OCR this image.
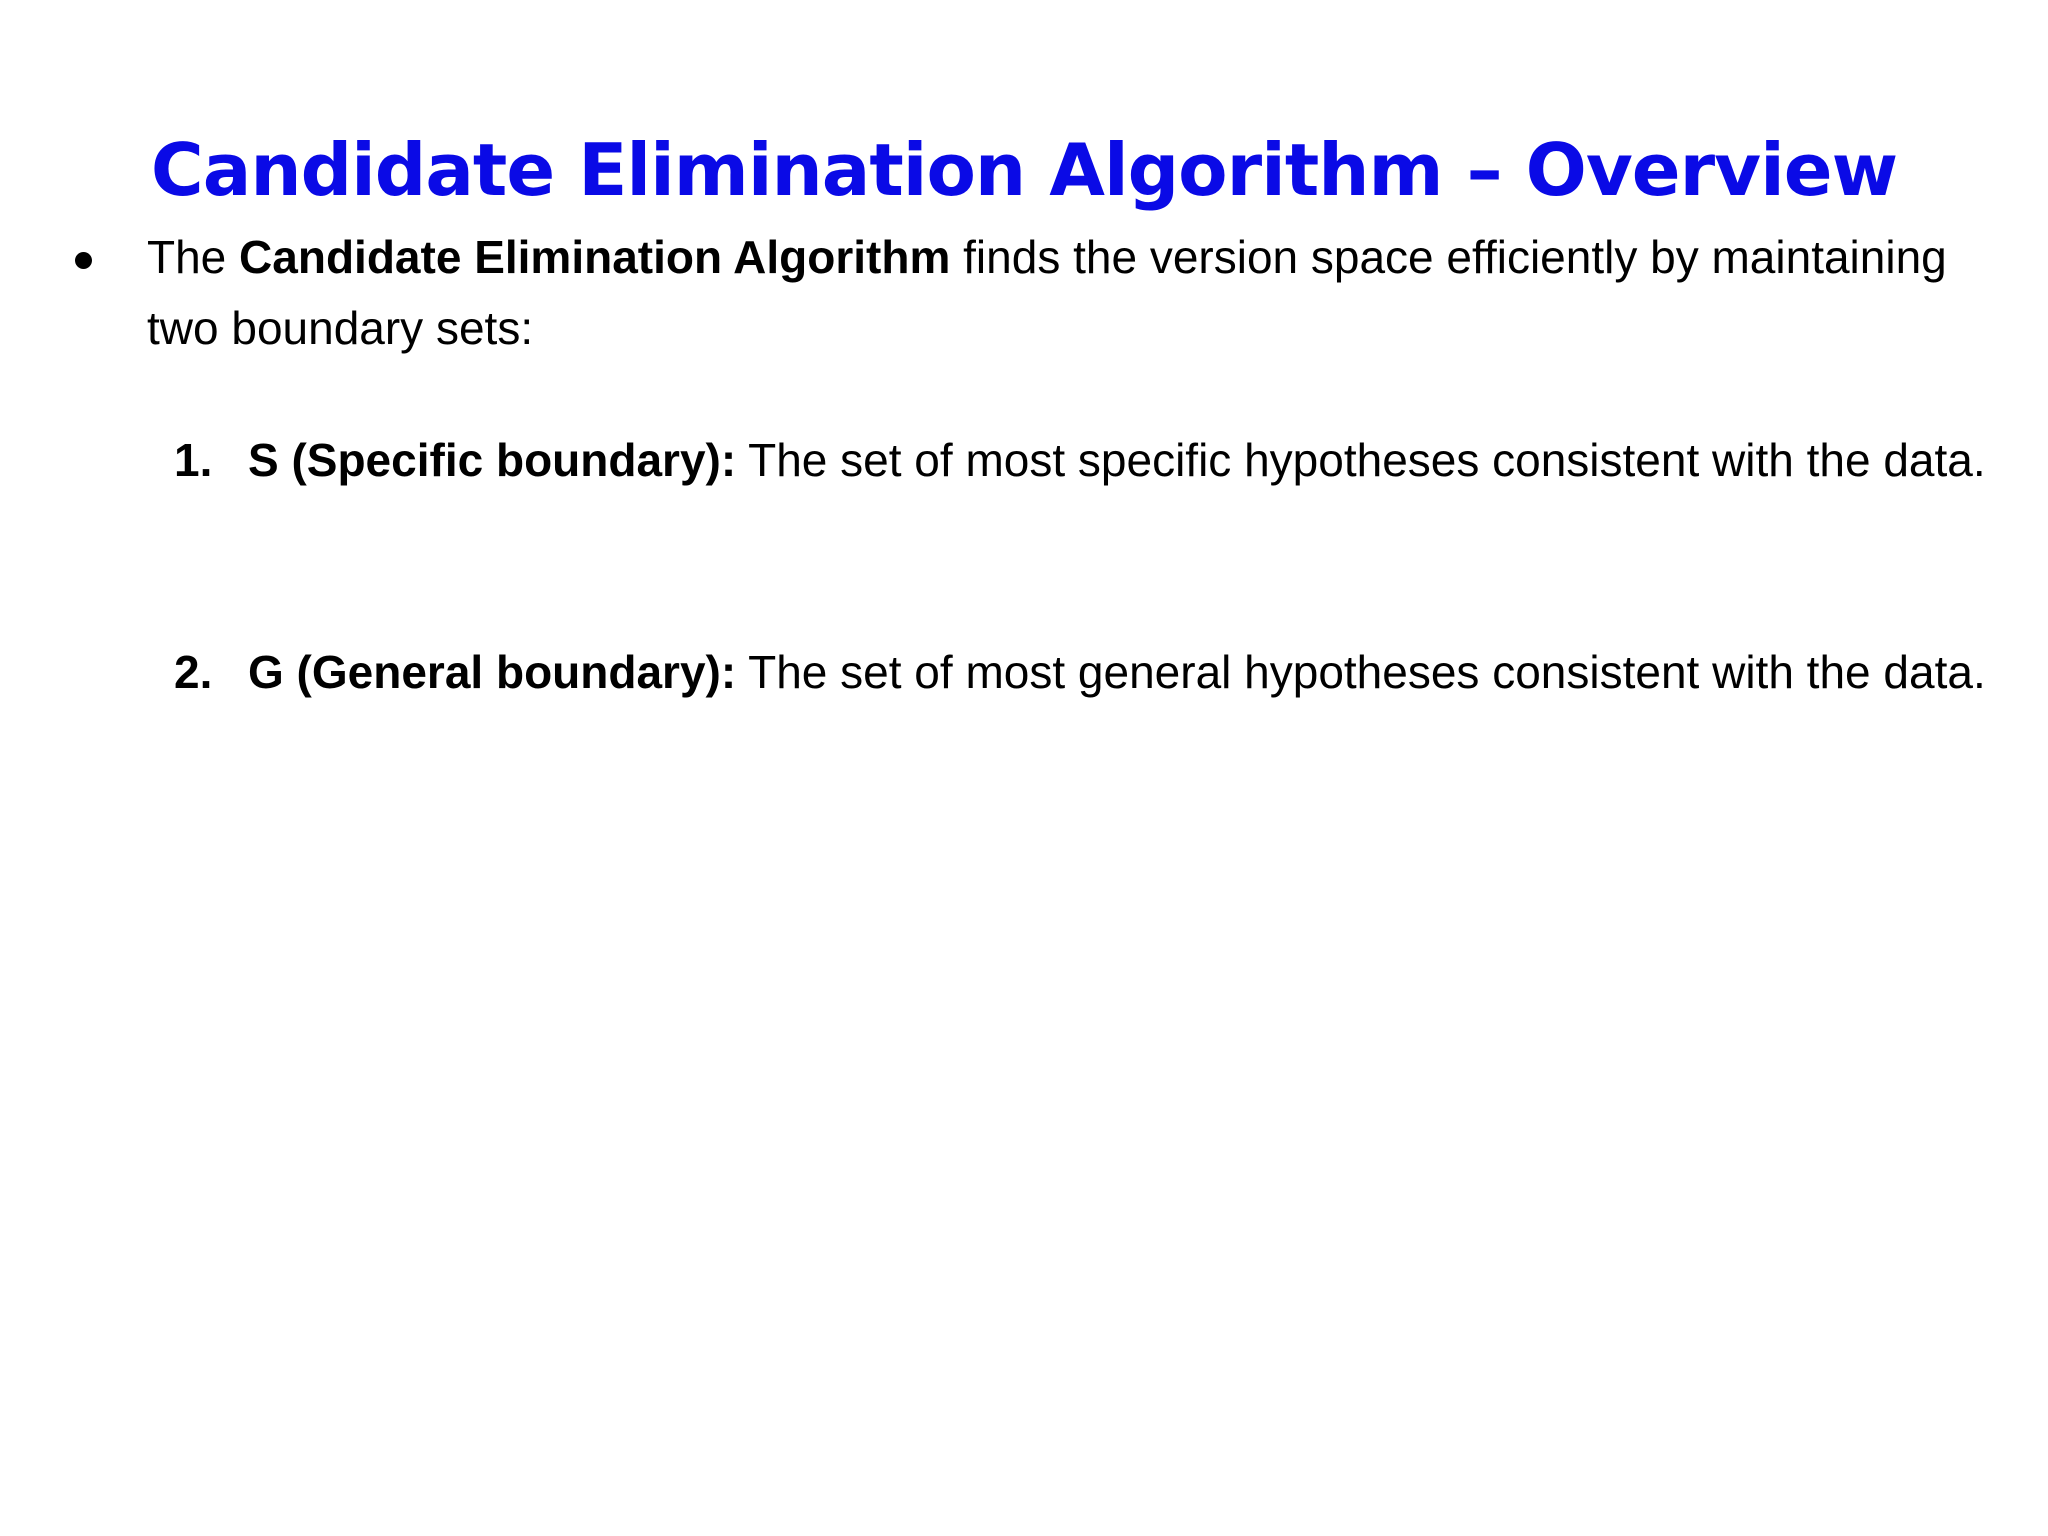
Candidate Elimination Algorithm – Overview
The Candidate Elimination Algorithm finds the version space efficiently by maintaining two boundary sets:
1. S (Specific boundary): The set of most specific hypotheses consistent with the data.
2. G (General boundary): The set of most general hypotheses consistent with the data.
